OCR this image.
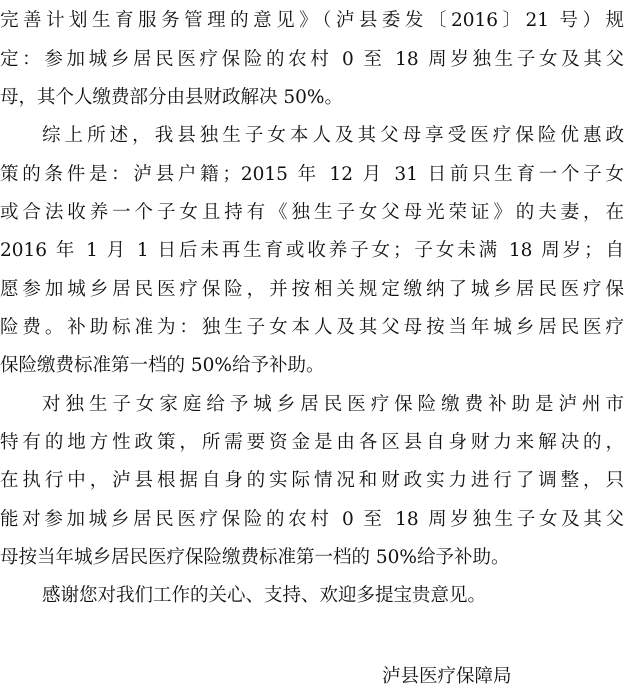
完善计划生育服务管理的意见》（泸县委发〔2016〕21 号）规
定：参加城乡居民医疗保险的农村 0 至 18 周岁独生子女及其父
母，其个人缴费部分由县财政解决 50%。
综上所述，我县独生子女本人及其父母享受医疗保险优惠政
策的条件是：泸县户籍；2015 年 12 月 31 日前只生育一个子女
或合法收养一个子女且持有《独生子女父母光荣证》的夫妻，在
2016 年 1 月 1 日后未再生育或收养子女；子女未满 18 周岁；自
愿参加城乡居民医疗保险，并按相关规定缴纳了城乡居民医疗保
险费。补助标准为：独生子女本人及其父母按当年城乡居民医疗
保险缴费标准第一档的 50%给予补助。
对独生子女家庭给予城乡居民医疗保险缴费补助是泸州市
特有的地方性政策，所需要资金是由各区县自身财力来解决的，
在执行中，泸县根据自身的实际情况和财政实力进行了调整，只
能对参加城乡居民医疗保险的农村 0 至 18 周岁独生子女及其父
母按当年城乡居民医疗保险缴费标准第一档的 50%给予补助。
感谢您对我们工作的关心、支持、欢迎多提宝贵意见。
泸县医疗保障局
